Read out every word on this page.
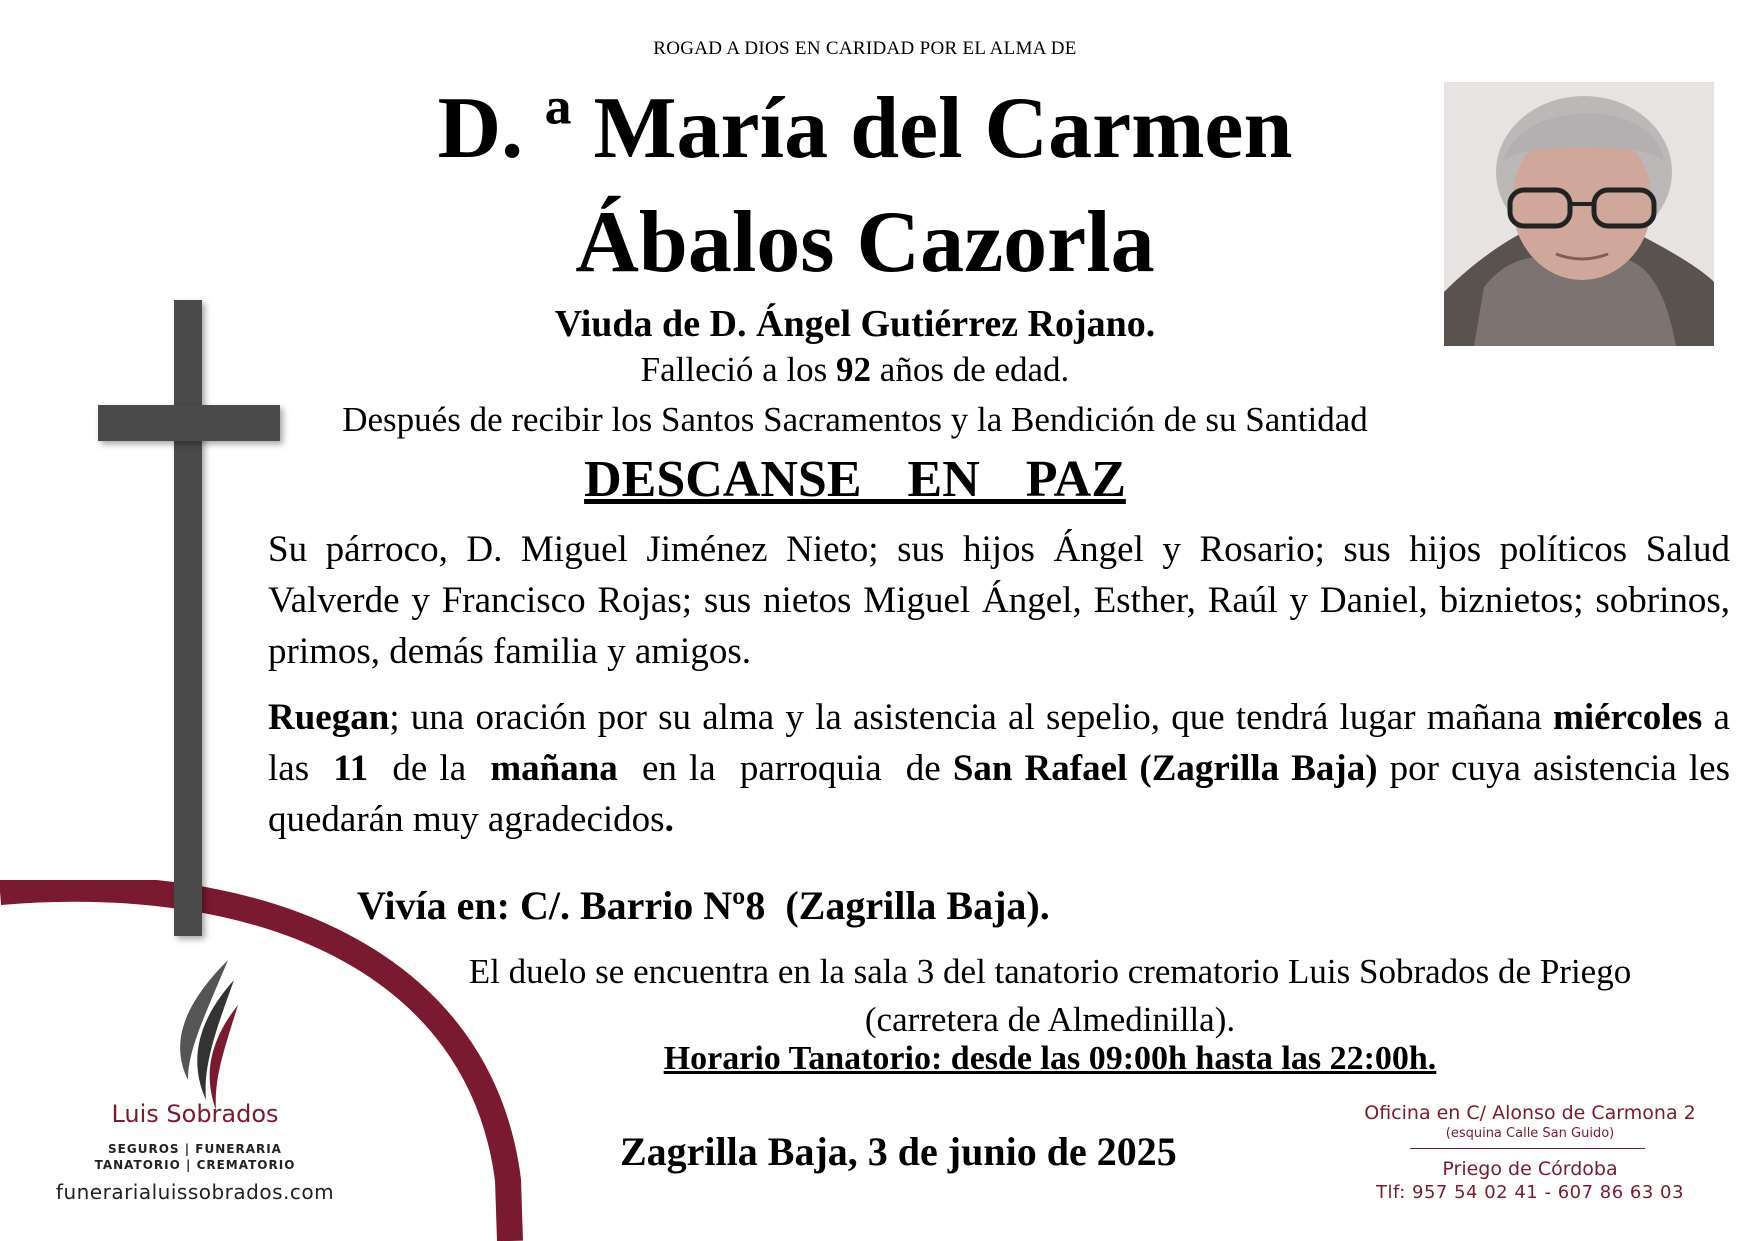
ROGAD A DIOS EN CARIDAD POR EL ALMA DE
D. ª María del Carmen
Ábalos Cazorla
Viuda de D. Ángel Gutiérrez Rojano.
Falleció a los 92 años de edad.
Después de recibir los Santos Sacramentos y la Bendición de su Santidad
DESCANSE  EN  PAZ
Su párroco, D. Miguel Jiménez Nieto; sus hijos Ángel y Rosario; sus hijos políticos Salud Valverde y Francisco Rojas; sus nietos Miguel Ángel, Esther, Raúl y Daniel, biznietos; sobrinos, primos, demás familia y amigos.
Ruegan; una oración por su alma y la asistencia al sepelio, que tendrá lugar mañana miércoles a las  11  de la  mañana  en la  parroquia  de San Rafael (Zagrilla Baja) por cuya asistencia les quedarán muy agradecidos.
Vivía en: C/. Barrio Nº8  (Zagrilla Baja).
El duelo se encuentra en la sala 3 del tanatorio crematorio Luis Sobrados de Priego
(carretera de Almedinilla).
Horario Tanatorio: desde las 09:00h hasta las 22:00h.
Zagrilla Baja, 3 de junio de 2025
Luis Sobrados
SEGUROS | FUNERARIA
TANATORIO | CREMATORIO
funerarialuissobrados.com
Oficina en C/ Alonso de Carmona 2
(esquina Calle San Guido)
Priego de Córdoba
Tlf: 957 54 02 41 - 607 86 63 03
